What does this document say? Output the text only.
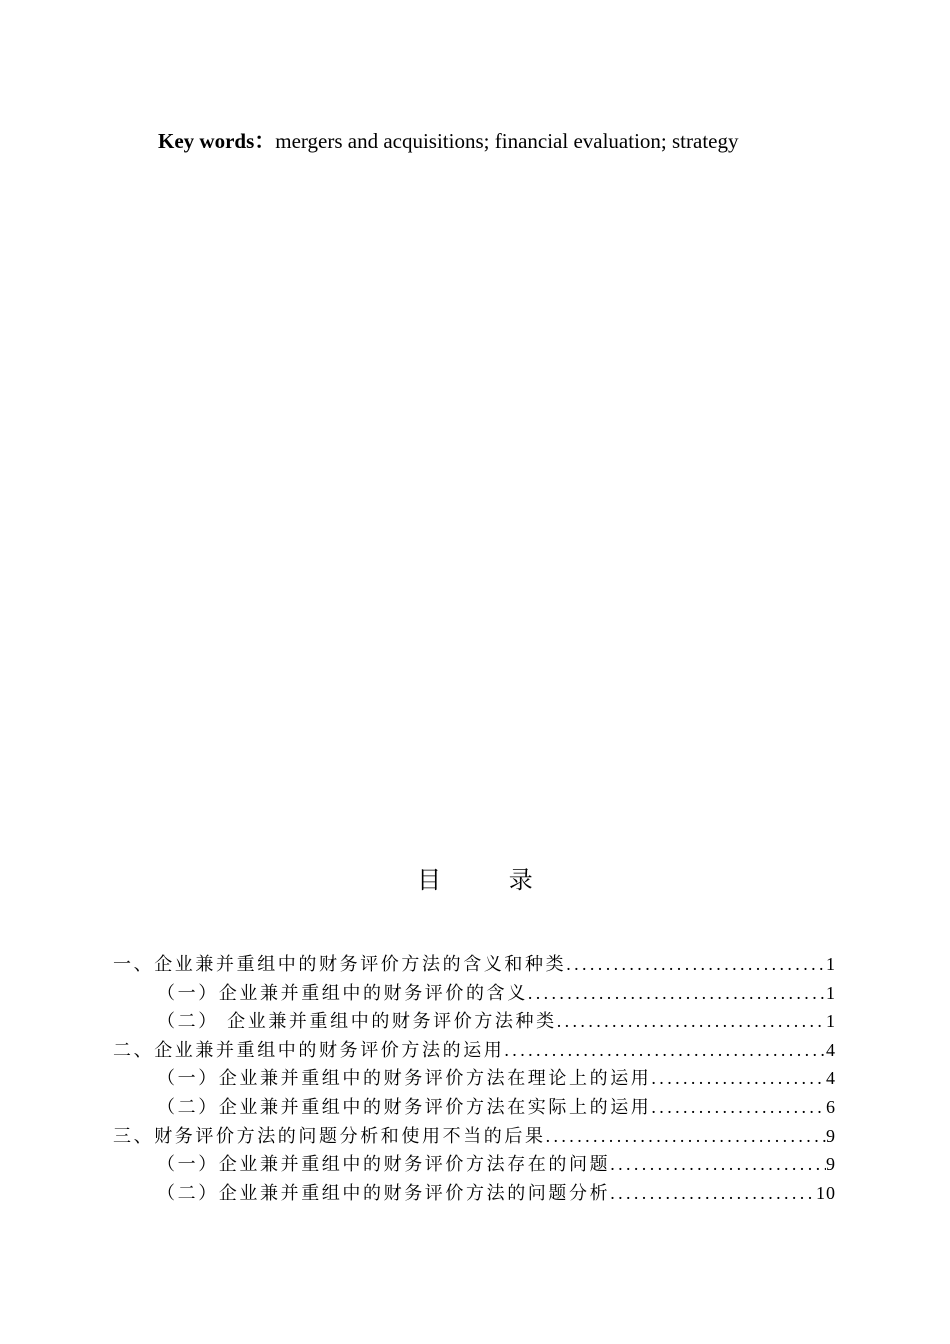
Key words：mergers and acquisitions; financial evaluation; strategy
目 录
一、企业兼并重组中的财务评价方法的含义和种类 .....	1
（一）企业兼并重组中的财务评价的含义 .....	1
（二） 企业兼并重组中的财务评价方法种类 .....	1
二、企业兼并重组中的财务评价方法的运用 .....	4
（一）企业兼并重组中的财务评价方法在理论上的运用 .....	4
（二）企业兼并重组中的财务评价方法在实际上的运用 .....	6
三、财务评价方法的问题分析和使用不当的后果 .....	9
（一）企业兼并重组中的财务评价方法存在的问题 .....	9
（二）企业兼并重组中的财务评价方法的问题分析 .....	10
